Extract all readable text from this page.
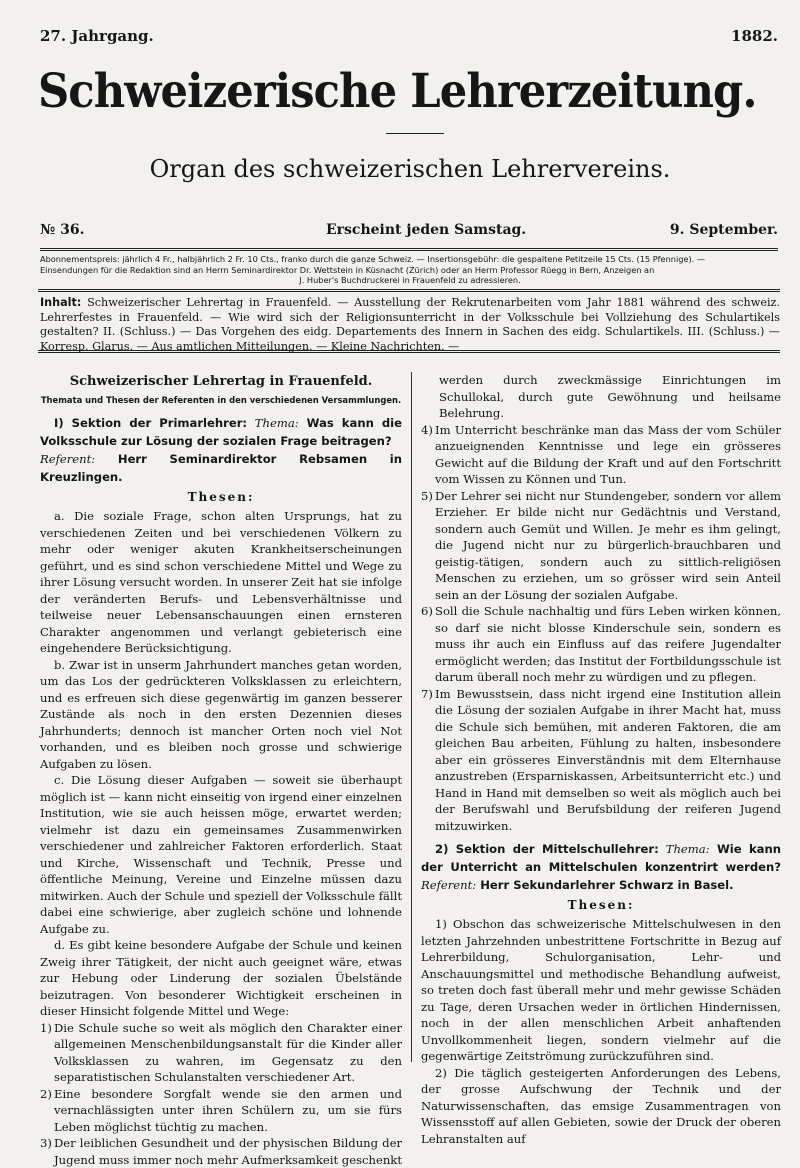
27. Jahrgang.	1882.
Schweizerische Lehrerzeitung.
Organ des schweizerischen Lehrervereins.
№ 36.	Erscheint jeden Samstag.	9. September.

Abonnementspreis: jährlich 4 Fr., halbjährlich 2 Fr. 10 Cts., franko durch die ganze Schweiz. — Insertionsgebühr: die gespaltene Petitzeile 15 Cts. (15 Pfennige). —

Einsendungen für die Redaktion sind an Herrn Seminardirektor Dr. Wettstein in Küsnacht (Zürich) oder an Herrn Professor Rüegg in Bern, Anzeigen an

J. Huber's Buchdruckerei in Frauenfeld zu adressieren.

Inhalt: Schweizerischer Lehrertag in Frauenfeld. — Ausstellung der Rekrutenarbeiten vom Jahr 1881 während des schweiz. Lehrerfestes in Frauenfeld. — Wie wird sich der Religionsunterricht in der Volksschule bei Vollziehung des Schulartikels gestalten? II. (Schluss.) — Das Vorgehen des eidg. Departements des Innern in Sachen des eidg. Schulartikels. III. (Schluss.) — Korresp. Glarus. — Aus amtlichen Mitteilungen. — Kleine Nachrichten. —

Schweizerischer Lehrertag in Frauenfeld.

Themata und Thesen der Referenten in den verschiedenen Versammlungen.

I) Sektion der Primarlehrer: Thema: Was kann die Volksschule zur Lösung der sozialen Frage beitragen?
Referent: Herr Seminardirektor Rebsamen in Kreuzlingen.

Thesen:

a. Die soziale Frage, schon alten Ursprungs, hat zu verschiedenen Zeiten und bei verschiedenen Völkern zu mehr oder weniger akuten Krankheitserscheinungen geführt, und es sind schon verschiedene Mittel und Wege zu ihrer Lösung versucht worden. In unserer Zeit hat sie infolge der veränderten Berufs- und Lebensverhältnisse und teilweise neuer Lebensanschauungen einen ernsteren Charakter angenommen und verlangt gebieterisch eine eingehendere Berücksichtigung.

b. Zwar ist in unserm Jahrhundert manches getan worden, um das Los der gedrückteren Volksklassen zu erleichtern, und es erfreuen sich diese gegenwärtig im ganzen besserer Zustände als noch in den ersten Dezennien dieses Jahrhunderts; dennoch ist mancher Orten noch viel Not vorhanden, und es bleiben noch grosse und schwierige Aufgaben zu lösen.

c. Die Lösung dieser Aufgaben — soweit sie überhaupt möglich ist — kann nicht einseitig von irgend einer einzelnen Institution, wie sie auch heissen möge, erwartet werden; vielmehr ist dazu ein gemeinsames Zusammenwirken verschiedener und zahlreicher Faktoren erforderlich. Staat und Kirche, Wissenschaft und Technik, Presse und öffentliche Meinung, Vereine und Einzelne müssen dazu mitwirken. Auch der Schule und speziell der Volksschule fällt dabei eine schwierige, aber zugleich schöne und lohnende Aufgabe zu.

d. Es gibt keine besondere Aufgabe der Schule und keinen Zweig ihrer Tätigkeit, der nicht auch geeignet wäre, etwas zur Hebung oder Linderung der sozialen Übelstände beizutragen. Von besonderer Wichtigkeit erscheinen in dieser Hinsicht folgende Mittel und Wege:

1) Die Schule suche so weit als möglich den Charakter einer allgemeinen Menschenbildungsanstalt für die Kinder aller Volksklassen zu wahren, im Gegensatz zu den separatistischen Schulanstalten verschiedener Art.
2) Eine besondere Sorgfalt wende sie den armen und vernachlässigten unter ihren Schülern zu, um sie fürs Leben möglichst tüchtig zu machen.
3) Der leiblichen Gesundheit und der physischen Bildung der Jugend muss immer noch mehr Aufmerksamkeit geschenkt

werden durch zweckmässige Einrichtungen im Schullokal, durch gute Gewöhnung und heilsame Belehrung.

4) Im Unterricht beschränke man das Mass der vom Schüler anzueignenden Kenntnisse und lege ein grösseres Gewicht auf die Bildung der Kraft und auf den Fortschritt vom Wissen zu Können und Tun.
5) Der Lehrer sei nicht nur Stundengeber, sondern vor allem Erzieher. Er bilde nicht nur Gedächtnis und Verstand, sondern auch Gemüt und Willen. Je mehr es ihm gelingt, die Jugend nicht nur zu bürgerlich-brauchbaren und geistig-tätigen, sondern auch zu sittlich-religiösen Menschen zu erziehen, um so grösser wird sein Anteil sein an der Lösung der sozialen Aufgabe.
6) Soll die Schule nachhaltig und fürs Leben wirken können, so darf sie nicht blosse Kinderschule sein, sondern es muss ihr auch ein Einfluss auf das reifere Jugendalter ermöglicht werden; das Institut der Fortbildungsschule ist darum überall noch mehr zu würdigen und zu pflegen.
7) Im Bewusstsein, dass nicht irgend eine Institution allein die Lösung der sozialen Aufgabe in ihrer Macht hat, muss die Schule sich bemühen, mit anderen Faktoren, die am gleichen Bau arbeiten, Fühlung zu halten, insbesondere aber ein grösseres Einverständnis mit dem Elternhause anzustreben (Ersparniskassen, Arbeitsunterricht etc.) und Hand in Hand mit demselben so weit als möglich auch bei der Berufswahl und Berufsbildung der reiferen Jugend mitzuwirken.

2) Sektion der Mittelschullehrer: Thema: Wie kann der Unterricht an Mittelschulen konzentrirt werden? Referent: Herr Sekundarlehrer Schwarz in Basel.

Thesen:

1) Obschon das schweizerische Mittelschulwesen in den letzten Jahrzehnden unbestrittene Fortschritte in Bezug auf Lehrerbildung, Schulorganisation, Lehr- und Anschauungsmittel und methodische Behandlung aufweist, so treten doch fast überall mehr und mehr gewisse Schäden zu Tage, deren Ursachen weder in örtlichen Hindernissen, noch in der allen menschlichen Arbeit anhaftenden Unvollkommenheit liegen, sondern vielmehr auf die gegenwärtige Zeitströmung zurückzuführen sind.

2) Die täglich gesteigerten Anforderungen des Lebens, der grosse Aufschwung der Technik und der Naturwissenschaften, das emsige Zusammentragen von Wissensstoff auf allen Gebieten, sowie der Druck der oberen Lehranstalten auf
